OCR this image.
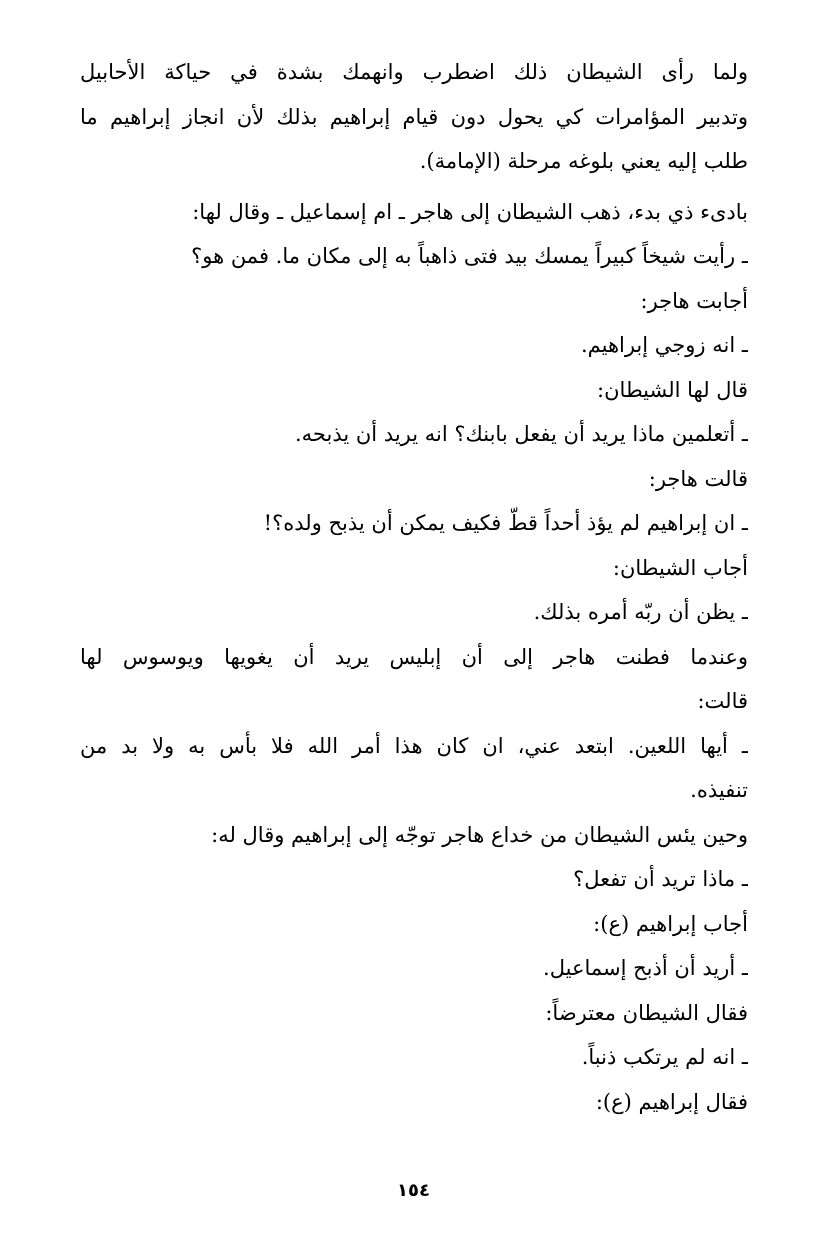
ولما رأى الشيطان ذلك اضطرب وانهمك بشدة في حياكة الأحابيل
وتدبير المؤامرات كي يحول دون قيام إبراهيم بذلك لأن انجاز إبراهيم ما
طلب إليه يعني بلوغه مرحلة (الإمامة).
بادىء ذي بدء، ذهب الشيطان إلى هاجر ـ ام إسماعيل ـ وقال لها:
ـ رأيت شيخاً كبيراً يمسك بيد فتى ذاهباً به إلى مكان ما. فمن هو؟
أجابت هاجر:
ـ انه زوجي إبراهيم.
قال لها الشيطان:
ـ أتعلمين ماذا يريد أن يفعل بابنك؟ انه يريد أن يذبحه.
قالت هاجر:
ـ ان إبراهيم لم يؤذ أحداً قطّ فكيف يمكن أن يذبح ولده؟!
أجاب الشيطان:
ـ يظن أن ربّه أمره بذلك.
وعندما فطنت هاجر إلى أن إبليس يريد أن يغويها ويوسوس لها
قالت:
ـ أيها اللعين. ابتعد عني، ان كان هذا أمر الله فلا بأس به ولا بد من
تنفيذه.
وحين يئس الشيطان من خداع هاجر توجّه إلى إبراهيم وقال له:
ـ ماذا تريد أن تفعل؟
أجاب إبراهيم (ع):
ـ أريد أن أذبح إسماعيل.
فقال الشيطان معترضاً:
ـ انه لم يرتكب ذنباً.
فقال إبراهيم (ع):
١٥٤
